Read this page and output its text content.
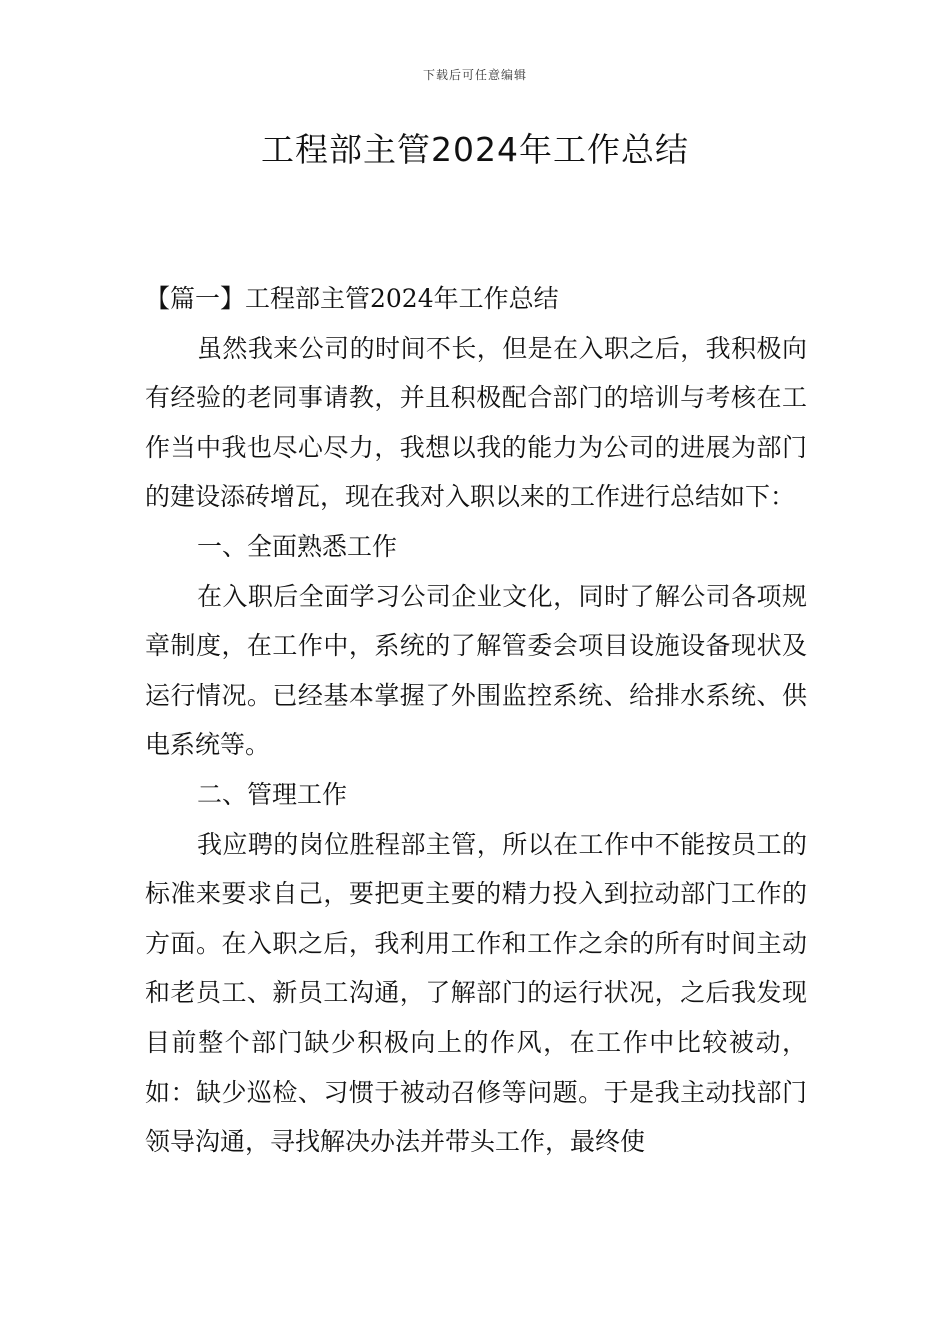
下载后可任意编辑
工程部主管2024年工作总结

【篇一】工程部主管2024年工作总结

虽然我来公司的时间不长，但是在入职之后，我积极向有经验的老同事请教，并且积极配合部门的培训与考核在工作当中我也尽心尽力，我想以我的能力为公司的进展为部门的建设添砖增瓦，现在我对入职以来的工作进行总结如下：

一、全面熟悉工作

在入职后全面学习公司企业文化，同时了解公司各项规章制度，在工作中，系统的了解管委会项目设施设备现状及运行情况。已经基本掌握了外围监控系统、给排水系统、供电系统等。

二、管理工作

我应聘的岗位胜程部主管，所以在工作中不能按员工的标准来要求自己，要把更主要的精力投入到拉动部门工作的方面。在入职之后，我利用工作和工作之余的所有时间主动和老员工、新员工沟通，了解部门的运行状况，之后我发现目前整个部门缺少积极向上的作风，在工作中比较被动，如：缺少巡检、习惯于被动召修等问题。于是我主动找部门领导沟通，寻找解决办法并带头工作，最终使
